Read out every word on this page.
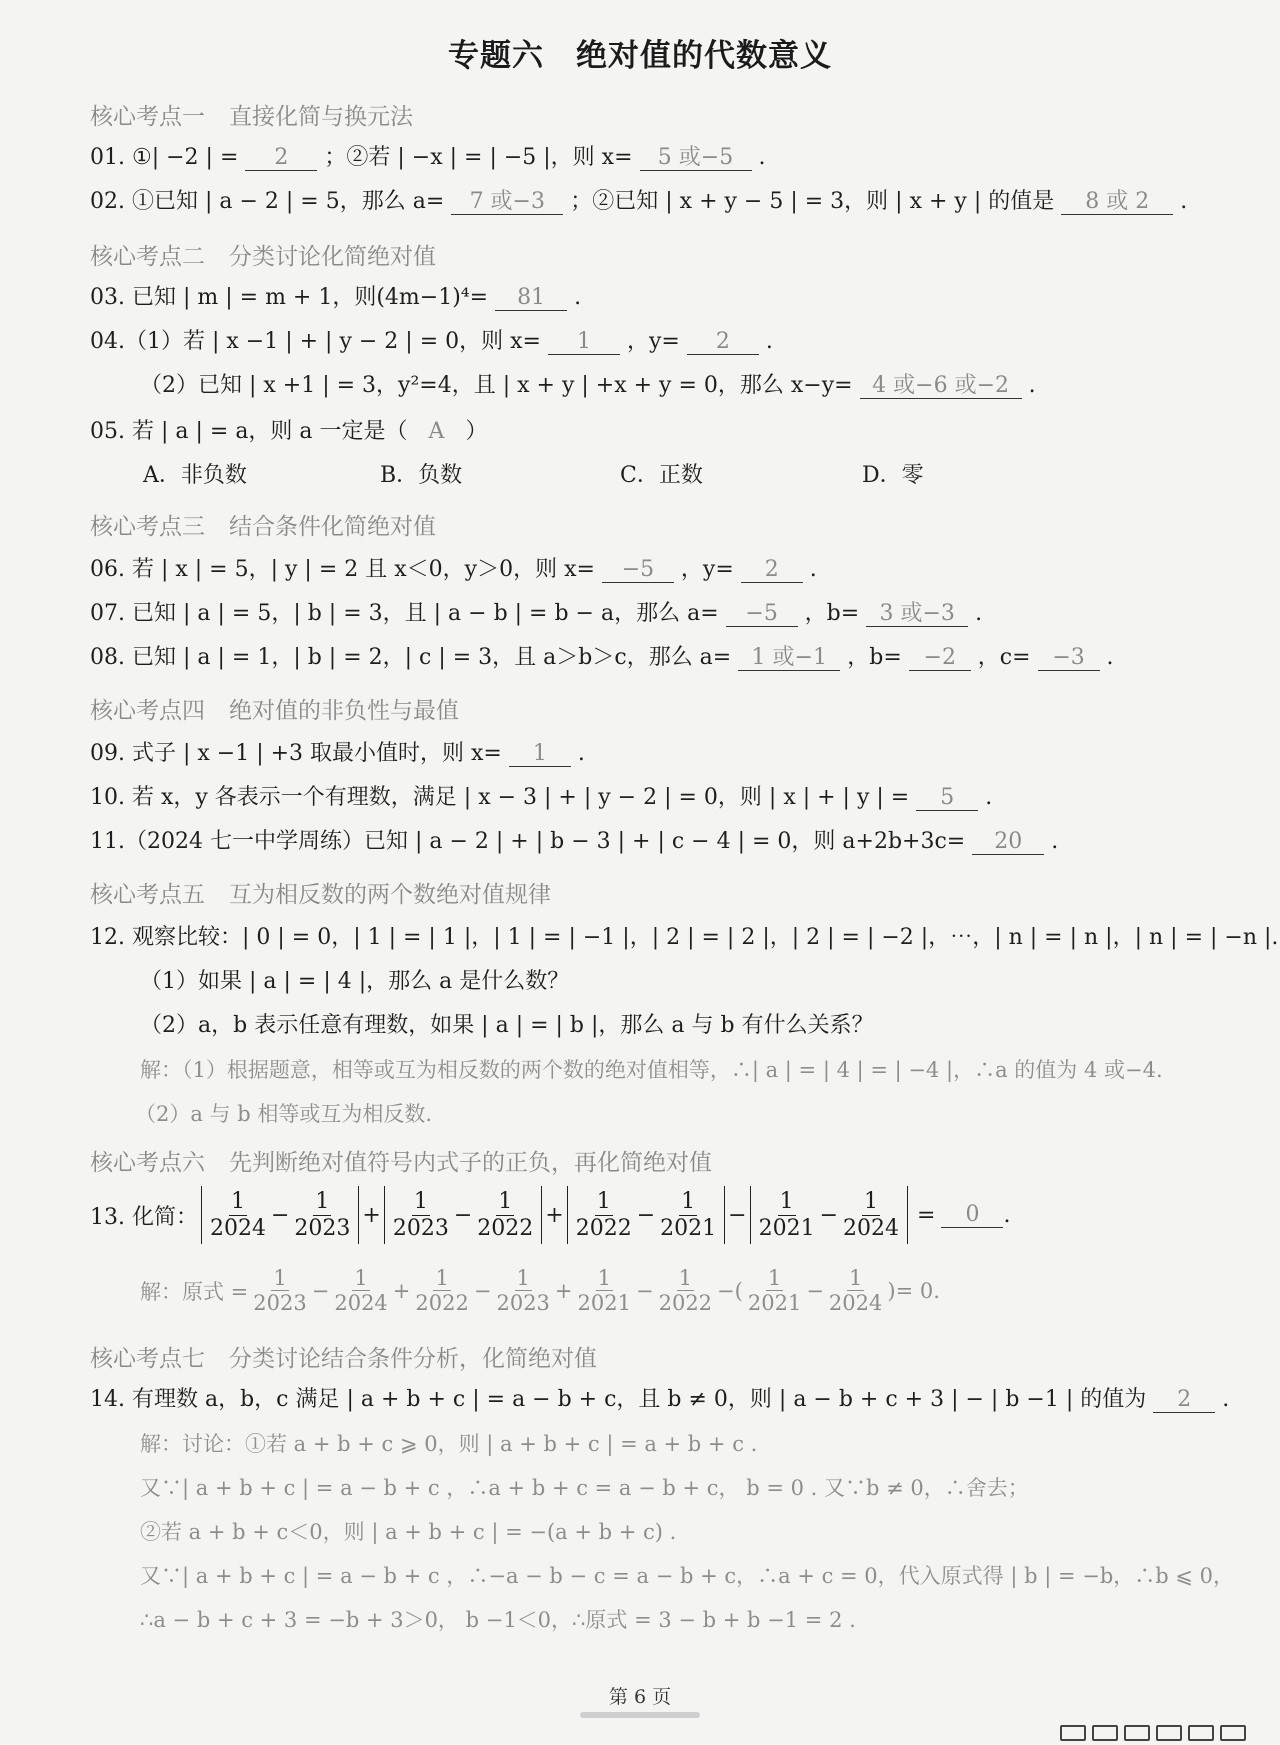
专题六　绝对值的代数意义
核心考点一 直接化简与换元法
01. ①| −2 | = 2 ；②若 | −x | = | −5 |，则 x= 5 或−5 .
02. ①已知 | a − 2 | = 5，那么 a= 7 或−3 ；②已知 | x + y − 5 | = 3，则 | x + y | 的值是 8 或 2 .
核心考点二 分类讨论化简绝对值
03. 已知 | m | = m + 1，则(4m−1)⁴= 81 .
04.（1）若 | x −1 | + | y − 2 | = 0，则 x= 1 ，y= 2 .
（2）已知 | x +1 | = 3，y²=4，且 | x + y | +x + y = 0，那么 x−y= 4 或−6 或−2 .
05. 若 | a | = a，则 a 一定是（ A ）
A．非负数	B．负数	C．正数	D．零
核心考点三 结合条件化简绝对值
06. 若 | x | = 5，| y | = 2 且 x＜0，y＞0，则 x= −5 ，y= 2 .
07. 已知 | a | = 5，| b | = 3，且 | a − b | = b − a，那么 a= −5 ，b= 3 或−3 .
08. 已知 | a | = 1，| b | = 2，| c | = 3，且 a＞b＞c，那么 a= 1 或−1 ，b= −2 ，c= −3 .
核心考点四 绝对值的非负性与最值
09. 式子 | x −1 | +3 取最小值时，则 x= 1 .
10. 若 x，y 各表示一个有理数，满足 | x − 3 | + | y − 2 | = 0，则 | x | + | y | = 5 .
11.（2024 七一中学周练）已知 | a − 2 | + | b − 3 | + | c − 4 | = 0，则 a+2b+3c= 20 .
核心考点五 互为相反数的两个数绝对值规律
12. 观察比较：| 0 | = 0，| 1 | = | 1 |，| 1 | = | −1 |，| 2 | = | 2 |，| 2 | = | −2 |，⋯，| n | = | n |，| n | = | −n |.
（1）如果 | a | = | 4 |，那么 a 是什么数？
（2）a，b 表示任意有理数，如果 | a | = | b |，那么 a 与 b 有什么关系？
解：（1）根据题意，相等或互为相反数的两个数的绝对值相等，∴| a | = | 4 | = | −4 |，∴a 的值为 4 或−4.
（2）a 与 b 相等或互为相反数.
核心考点六 先判断绝对值符号内式子的正负，再化简绝对值
13. 化简： $\frac{1}{2024} - \frac{1}{2023} + \frac{1}{2023} - \frac{1}{2022} + \frac{1}{2022} - \frac{1}{2021} - \frac{1}{2021} - \frac{1}{2024}$ =	0	.
解：原式 = $\frac{1}{2023} - \frac{1}{2024} + \frac{1}{2022} - \frac{1}{2023} + \frac{1}{2021} - \frac{1}{2022}$ − ( $\frac{1}{2021} - \frac{1}{2024}$ ) = 0.
核心考点七 分类讨论结合条件分析，化简绝对值
14. 有理数 a，b，c 满足 | a + b + c | = a − b + c，且 b ≠ 0，则 | a − b + c + 3 | − | b −1 | 的值为 2 .
解：讨论：①若 a + b + c ⩾ 0，则 | a + b + c | = a + b + c .
又∵| a + b + c | = a − b + c ，∴a + b + c = a − b + c， b = 0 . 又∵b ≠ 0，∴舍去；
②若 a + b + c＜0，则 | a + b + c | = −(a + b + c) .
又∵| a + b + c | = a − b + c ，∴−a − b − c = a − b + c，∴a + c = 0，代入原式得 | b | = −b，∴b ⩽ 0，
∴a − b + c + 3 = −b + 3＞0， b −1＜0，∴原式 = 3 − b + b −1 = 2 .
第 6 页
